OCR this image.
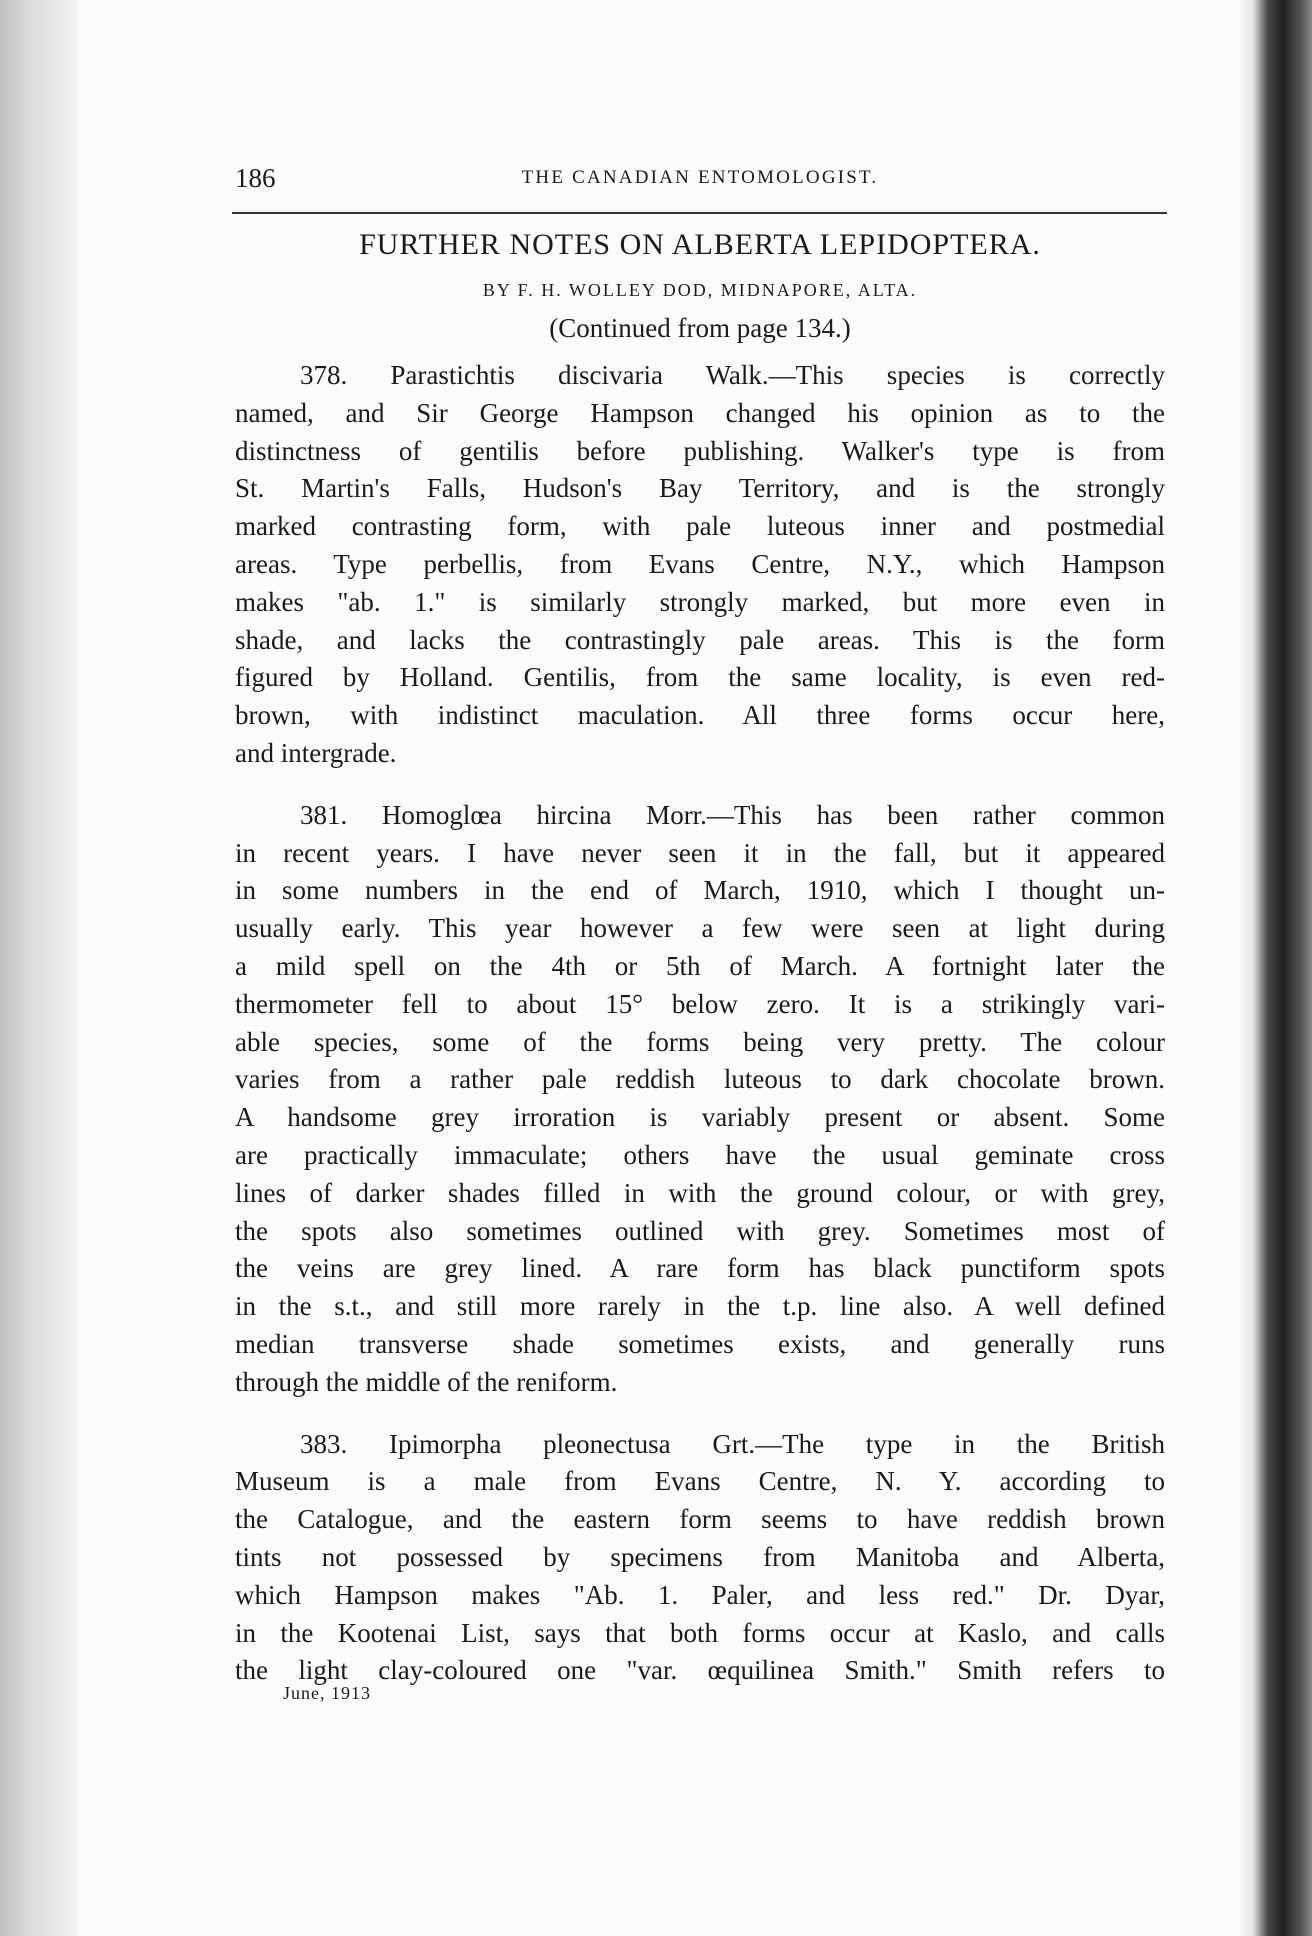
186	THE CANADIAN ENTOMOLOGIST.
FURTHER NOTES ON ALBERTA LEPIDOPTERA.
BY F. H. WOLLEY DOD, MIDNAPORE, ALTA.
(Continued from page 134.)
378. Parastichtis discivaria Walk.—This species is correctly
named, and Sir George Hampson changed his opinion as to the
distinctness of gentilis before publishing. Walker's type is from
St. Martin's Falls, Hudson's Bay Territory, and is the strongly
marked contrasting form, with pale luteous inner and postmedial
areas. Type perbellis, from Evans Centre, N.Y., which Hampson
makes "ab. 1." is similarly strongly marked, but more even in
shade, and lacks the contrastingly pale areas. This is the form
figured by Holland. Gentilis, from the same locality, is even red-
brown, with indistinct maculation. All three forms occur here,
and intergrade.
381. Homoglœa hircina Morr.—This has been rather common
in recent years. I have never seen it in the fall, but it appeared
in some numbers in the end of March, 1910, which I thought un-
usually early. This year however a few were seen at light during
a mild spell on the 4th or 5th of March. A fortnight later the
thermometer fell to about 15° below zero. It is a strikingly vari-
able species, some of the forms being very pretty. The colour
varies from a rather pale reddish luteous to dark chocolate brown.
A handsome grey irroration is variably present or absent. Some
are practically immaculate; others have the usual geminate cross
lines of darker shades filled in with the ground colour, or with grey,
the spots also sometimes outlined with grey. Sometimes most of
the veins are grey lined. A rare form has black punctiform spots
in the s.t., and still more rarely in the t.p. line also. A well defined
median transverse shade sometimes exists, and generally runs
through the middle of the reniform.
383. Ipimorpha pleonectusa Grt.—The type in the British
Museum is a male from Evans Centre, N. Y. according to
the Catalogue, and the eastern form seems to have reddish brown
tints not possessed by specimens from Manitoba and Alberta,
which Hampson makes "Ab. 1. Paler, and less red." Dr. Dyar,
in the Kootenai List, says that both forms occur at Kaslo, and calls
the light clay-coloured one "var. œquilinea Smith." Smith refers to
June, 1913
